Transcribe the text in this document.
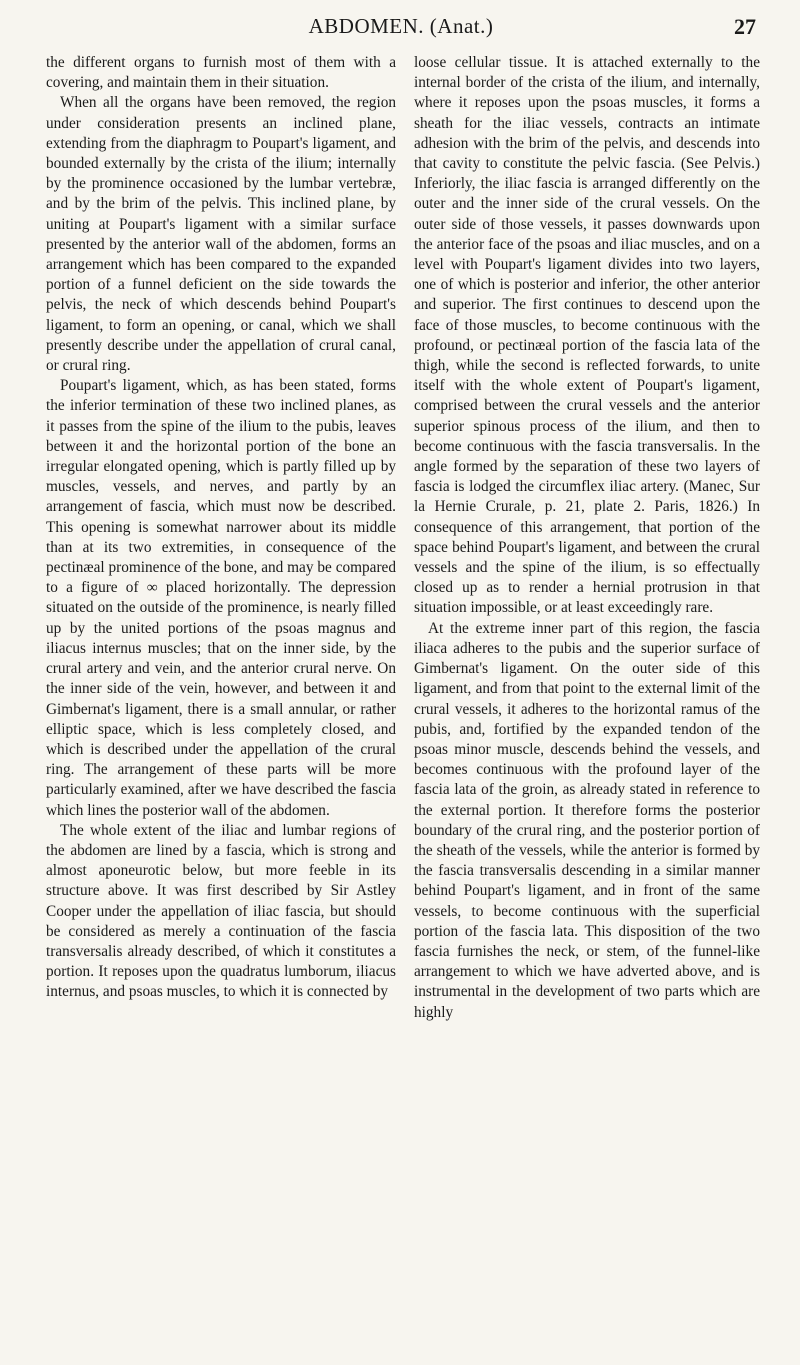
ABDOMEN. (Anat.)	27

the different organs to furnish most of them with a covering, and maintain them in their situation.

When all the organs have been removed, the region under consideration presents an inclined plane, extending from the diaphragm to Poupart's ligament, and bounded externally by the crista of the ilium; internally by the prominence occasioned by the lumbar vertebræ, and by the brim of the pelvis. This inclined plane, by uniting at Poupart's ligament with a similar surface presented by the anterior wall of the abdomen, forms an arrangement which has been compared to the expanded portion of a funnel deficient on the side towards the pelvis, the neck of which descends behind Poupart's ligament, to form an opening, or canal, which we shall presently describe under the appellation of crural canal, or crural ring.

Poupart's ligament, which, as has been stated, forms the inferior termination of these two inclined planes, as it passes from the spine of the ilium to the pubis, leaves between it and the horizontal portion of the bone an irregular elongated opening, which is partly filled up by muscles, vessels, and nerves, and partly by an arrangement of fascia, which must now be described. This opening is somewhat narrower about its middle than at its two extremities, in consequence of the pectinæal prominence of the bone, and may be compared to a figure of ∞ placed horizontally. The depression situated on the outside of the prominence, is nearly filled up by the united portions of the psoas magnus and iliacus internus muscles; that on the inner side, by the crural artery and vein, and the anterior crural nerve. On the inner side of the vein, however, and between it and Gimbernat's ligament, there is a small annular, or rather elliptic space, which is less completely closed, and which is described under the appellation of the crural ring. The arrangement of these parts will be more particularly examined, after we have described the fascia which lines the posterior wall of the abdomen.

The whole extent of the iliac and lumbar regions of the abdomen are lined by a fascia, which is strong and almost aponeurotic below, but more feeble in its structure above. It was first described by Sir Astley Cooper under the appellation of iliac fascia, but should be considered as merely a continuation of the fascia transversalis already described, of which it constitutes a portion. It reposes upon the quadratus lumborum, iliacus internus, and psoas muscles, to which it is connected by

loose cellular tissue. It is attached externally to the internal border of the crista of the ilium, and internally, where it reposes upon the psoas muscles, it forms a sheath for the iliac vessels, contracts an intimate adhesion with the brim of the pelvis, and descends into that cavity to constitute the pelvic fascia. (See Pelvis.) Inferiorly, the iliac fascia is arranged differently on the outer and the inner side of the crural vessels. On the outer side of those vessels, it passes downwards upon the anterior face of the psoas and iliac muscles, and on a level with Poupart's ligament divides into two layers, one of which is posterior and inferior, the other anterior and superior. The first continues to descend upon the face of those muscles, to become continuous with the profound, or pectinæal portion of the fascia lata of the thigh, while the second is reflected forwards, to unite itself with the whole extent of Poupart's ligament, comprised between the crural vessels and the anterior superior spinous process of the ilium, and then to become continuous with the fascia transversalis. In the angle formed by the separation of these two layers of fascia is lodged the circumflex iliac artery. (Manec, Sur la Hernie Crurale, p. 21, plate 2. Paris, 1826.) In consequence of this arrangement, that portion of the space behind Poupart's ligament, and between the crural vessels and the spine of the ilium, is so effectually closed up as to render a hernial protrusion in that situation impossible, or at least exceedingly rare.

At the extreme inner part of this region, the fascia iliaca adheres to the pubis and the superior surface of Gimbernat's ligament. On the outer side of this ligament, and from that point to the external limit of the crural vessels, it adheres to the horizontal ramus of the pubis, and, fortified by the expanded tendon of the psoas minor muscle, descends behind the vessels, and becomes continuous with the profound layer of the fascia lata of the groin, as already stated in reference to the external portion. It therefore forms the posterior boundary of the crural ring, and the posterior portion of the sheath of the vessels, while the anterior is formed by the fascia transversalis descending in a similar manner behind Poupart's ligament, and in front of the same vessels, to become continuous with the superficial portion of the fascia lata. This disposition of the two fascia furnishes the neck, or stem, of the funnel-like arrangement to which we have adverted above, and is instrumental in the development of two parts which are highly
